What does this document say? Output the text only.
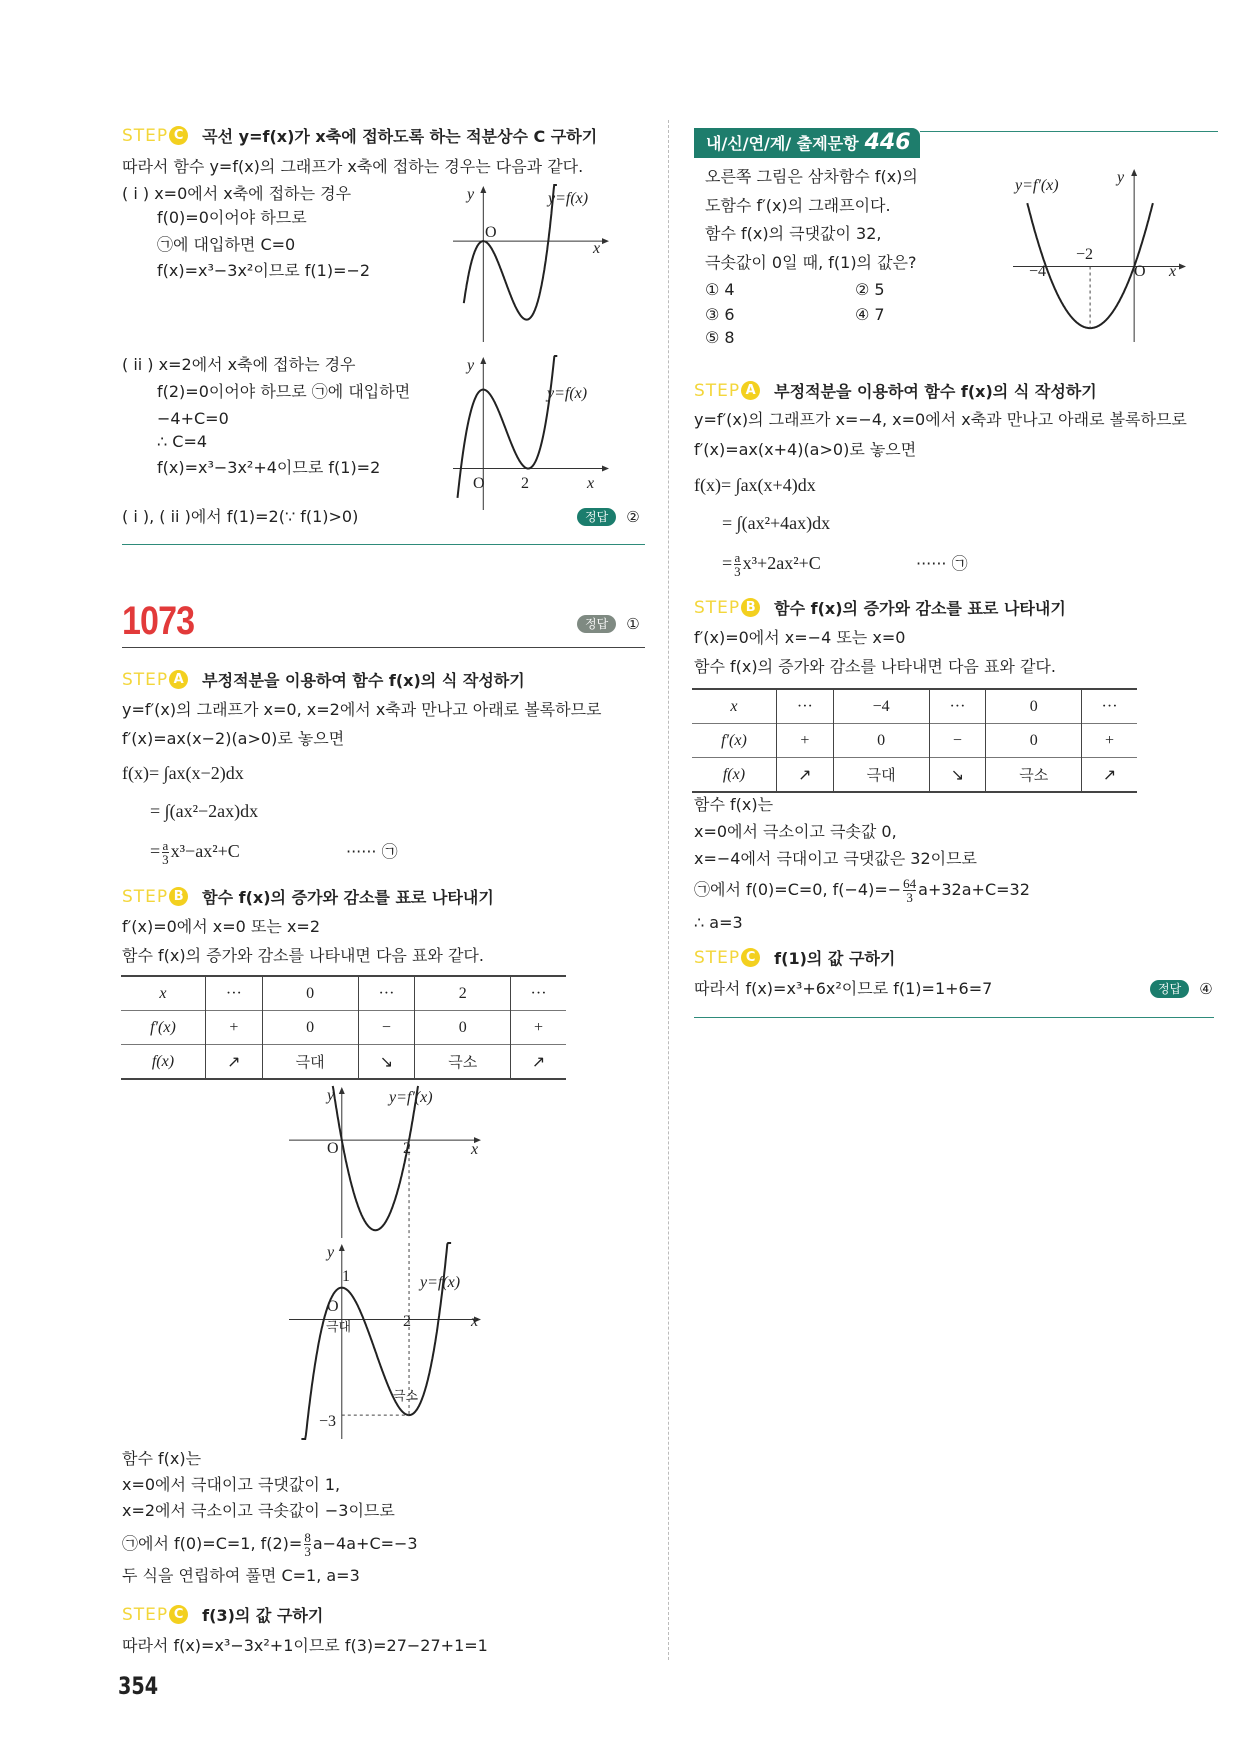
STEP C 곡선 y=f(x)가 x축에 접하도록 하는 적분상수 C 구하기
따라서 함수 y=f(x)의 그래프가 x축에 접하는 경우는 다음과 같다.
( i ) x=0에서 x축에 접하는 경우
f(0)=0이어야 하므로
㉠에 대입하면 C=0
f(x)=x³−3x²이므로 f(1)=−2
y
x
O
y=f(x)
( ii ) x=2에서 x축에 접하는 경우
f(2)=0이어야 하므로 ㉠에 대입하면
−4+C=0
∴ C=4
f(x)=x³−3x²+4이므로 f(1)=2
y
x
O 2
y=f(x)
( i ), ( ii )에서 f(1)=2(∵ f(1)>0)	정답	②
1073	정답	①
STEP A 부정적분을 이용하여 함수 f(x)의 식 작성하기
y=f′(x)의 그래프가 x=0, x=2에서 x축과 만나고 아래로 볼록하므로
f′(x)=ax(x−2)(a>0)로 놓으면
f(x)= ∫ax(x−2)dx
= ∫(ax²−2ax)dx
= $\frac{a}{3} x^3-ax^2+C$	······ ㉠
STEP B 함수 f(x)의 증가와 감소를 표로 나타내기
f′(x)=0에서 x=0 또는 x=2
함수 f(x)의 증가와 감소를 나타내면 다음 표와 같다.
x	···	0	···	2	···
f′(x)	+	0	−	0	+
f(x)	↗	극대	↘	극소	↗
y
x
O	2
y=f′(x)
y
x
O
1
2
−3
y=f(x)
극대
극소
함수 f(x)는
x=0에서 극대이고 극댓값이 1,
x=2에서 극소이고 극솟값이 −3이므로
㉠에서 f(0)=C=1, $f(2)= \frac{8}{3} a-4a+C=-3$
두 식을 연립하여 풀면 C=1, a=3
STEP C f(3)의 값 구하기
따라서 f(x)=x³−3x²+1이므로 f(3)=27−27+1=1
354
내/신/연/계/ 출제문항 446
오른쪽 그림은 삼차함수 f(x)의
도함수 f′(x)의 그래프이다.
함수 f(x)의 극댓값이 32,
극솟값이 0일 때, f(1)의 값은?
① 4	② 5
③ 6	④ 7
⑤ 8
y
x
O
−4
−2
y=f′(x)
STEP A 부정적분을 이용하여 함수 f(x)의 식 작성하기
y=f′(x)의 그래프가 x=−4, x=0에서 x축과 만나고 아래로 볼록하므로
f′(x)=ax(x+4)(a>0)로 놓으면
f(x)= ∫ax(x+4)dx
= ∫(ax²+4ax)dx
= $\frac{a}{3} x^3+2ax^2+C$	······ ㉠
STEP B 함수 f(x)의 증가와 감소를 표로 나타내기
f′(x)=0에서 x=−4 또는 x=0
함수 f(x)의 증가와 감소를 나타내면 다음 표와 같다.
x	···	−4	···	0	···
f′(x)	+	0	−	0	+
f(x)	↗	극대	↘	극소	↗
함수 f(x)는
x=0에서 극소이고 극솟값 0,
x=−4에서 극대이고 극댓값은 32이므로
㉠에서 f(0)=C=0, $f(-4)=- \frac{64}{3} a+32a+C=32$
∴ a=3
STEP C f(1)의 값 구하기
따라서 f(x)=x³+6x²이므로 f(1)=1+6=7	정답	④
